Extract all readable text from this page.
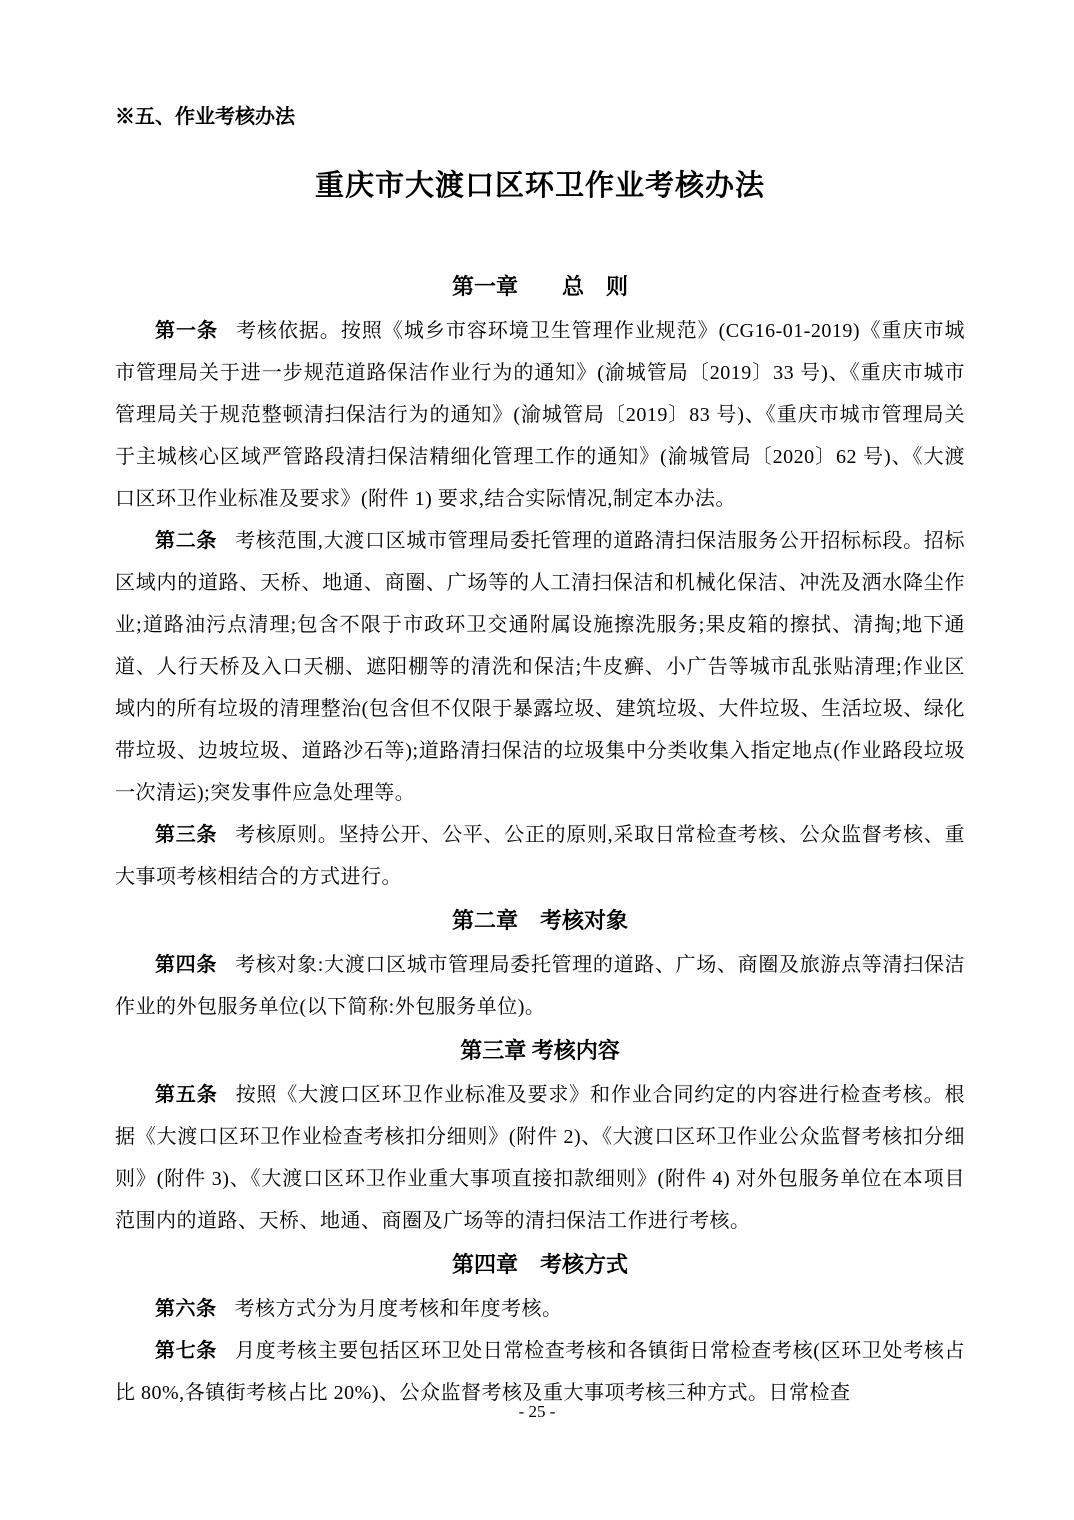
※五、作业考核办法
重庆市大渡口区环卫作业考核办法
第一章　　总　则

第一条 考核依据。按照《城乡市容环境卫生管理作业规范》(CG16-01-2019)《重庆市城市管理局关于进一步规范道路保洁作业行为的通知》(渝城管局〔2019〕33 号)、《重庆市城市管理局关于规范整顿清扫保洁行为的通知》(渝城管局〔2019〕83 号)、《重庆市城市管理局关于主城核心区域严管路段清扫保洁精细化管理工作的通知》(渝城管局〔2020〕62 号)、《大渡口区环卫作业标准及要求》(附件 1) 要求,结合实际情况,制定本办法。

第二条 考核范围,大渡口区城市管理局委托管理的道路清扫保洁服务公开招标标段。招标区域内的道路、天桥、地通、商圈、广场等的人工清扫保洁和机械化保洁、冲洗及洒水降尘作业;道路油污点清理;包含不限于市政环卫交通附属设施擦洗服务;果皮箱的擦拭、清掏;地下通道、人行天桥及入口天棚、遮阳棚等的清洗和保洁;牛皮癣、小广告等城市乱张贴清理;作业区域内的所有垃圾的清理整治(包含但不仅限于暴露垃圾、建筑垃圾、大件垃圾、生活垃圾、绿化带垃圾、边坡垃圾、道路沙石等);道路清扫保洁的垃圾集中分类收集入指定地点(作业路段垃圾一次清运);突发事件应急处理等。

第三条 考核原则。坚持公开、公平、公正的原则,采取日常检查考核、公众监督考核、重大事项考核相结合的方式进行。

第二章　考核对象

第四条 考核对象:大渡口区城市管理局委托管理的道路、广场、商圈及旅游点等清扫保洁作业的外包服务单位(以下简称:外包服务单位)。

第三章 考核内容

第五条 按照《大渡口区环卫作业标准及要求》和作业合同约定的内容进行检查考核。根据《大渡口区环卫作业检查考核扣分细则》(附件 2)、《大渡口区环卫作业公众监督考核扣分细则》(附件 3)、《大渡口区环卫作业重大事项直接扣款细则》(附件 4) 对外包服务单位在本项目范围内的道路、天桥、地通、商圈及广场等的清扫保洁工作进行考核。

第四章　考核方式

第六条 考核方式分为月度考核和年度考核。

第七条 月度考核主要包括区环卫处日常检查考核和各镇街日常检查考核(区环卫处考核占比 80%,各镇街考核占比 20%)、公众监督考核及重大事项考核三种方式。日常检查

- 25 -
